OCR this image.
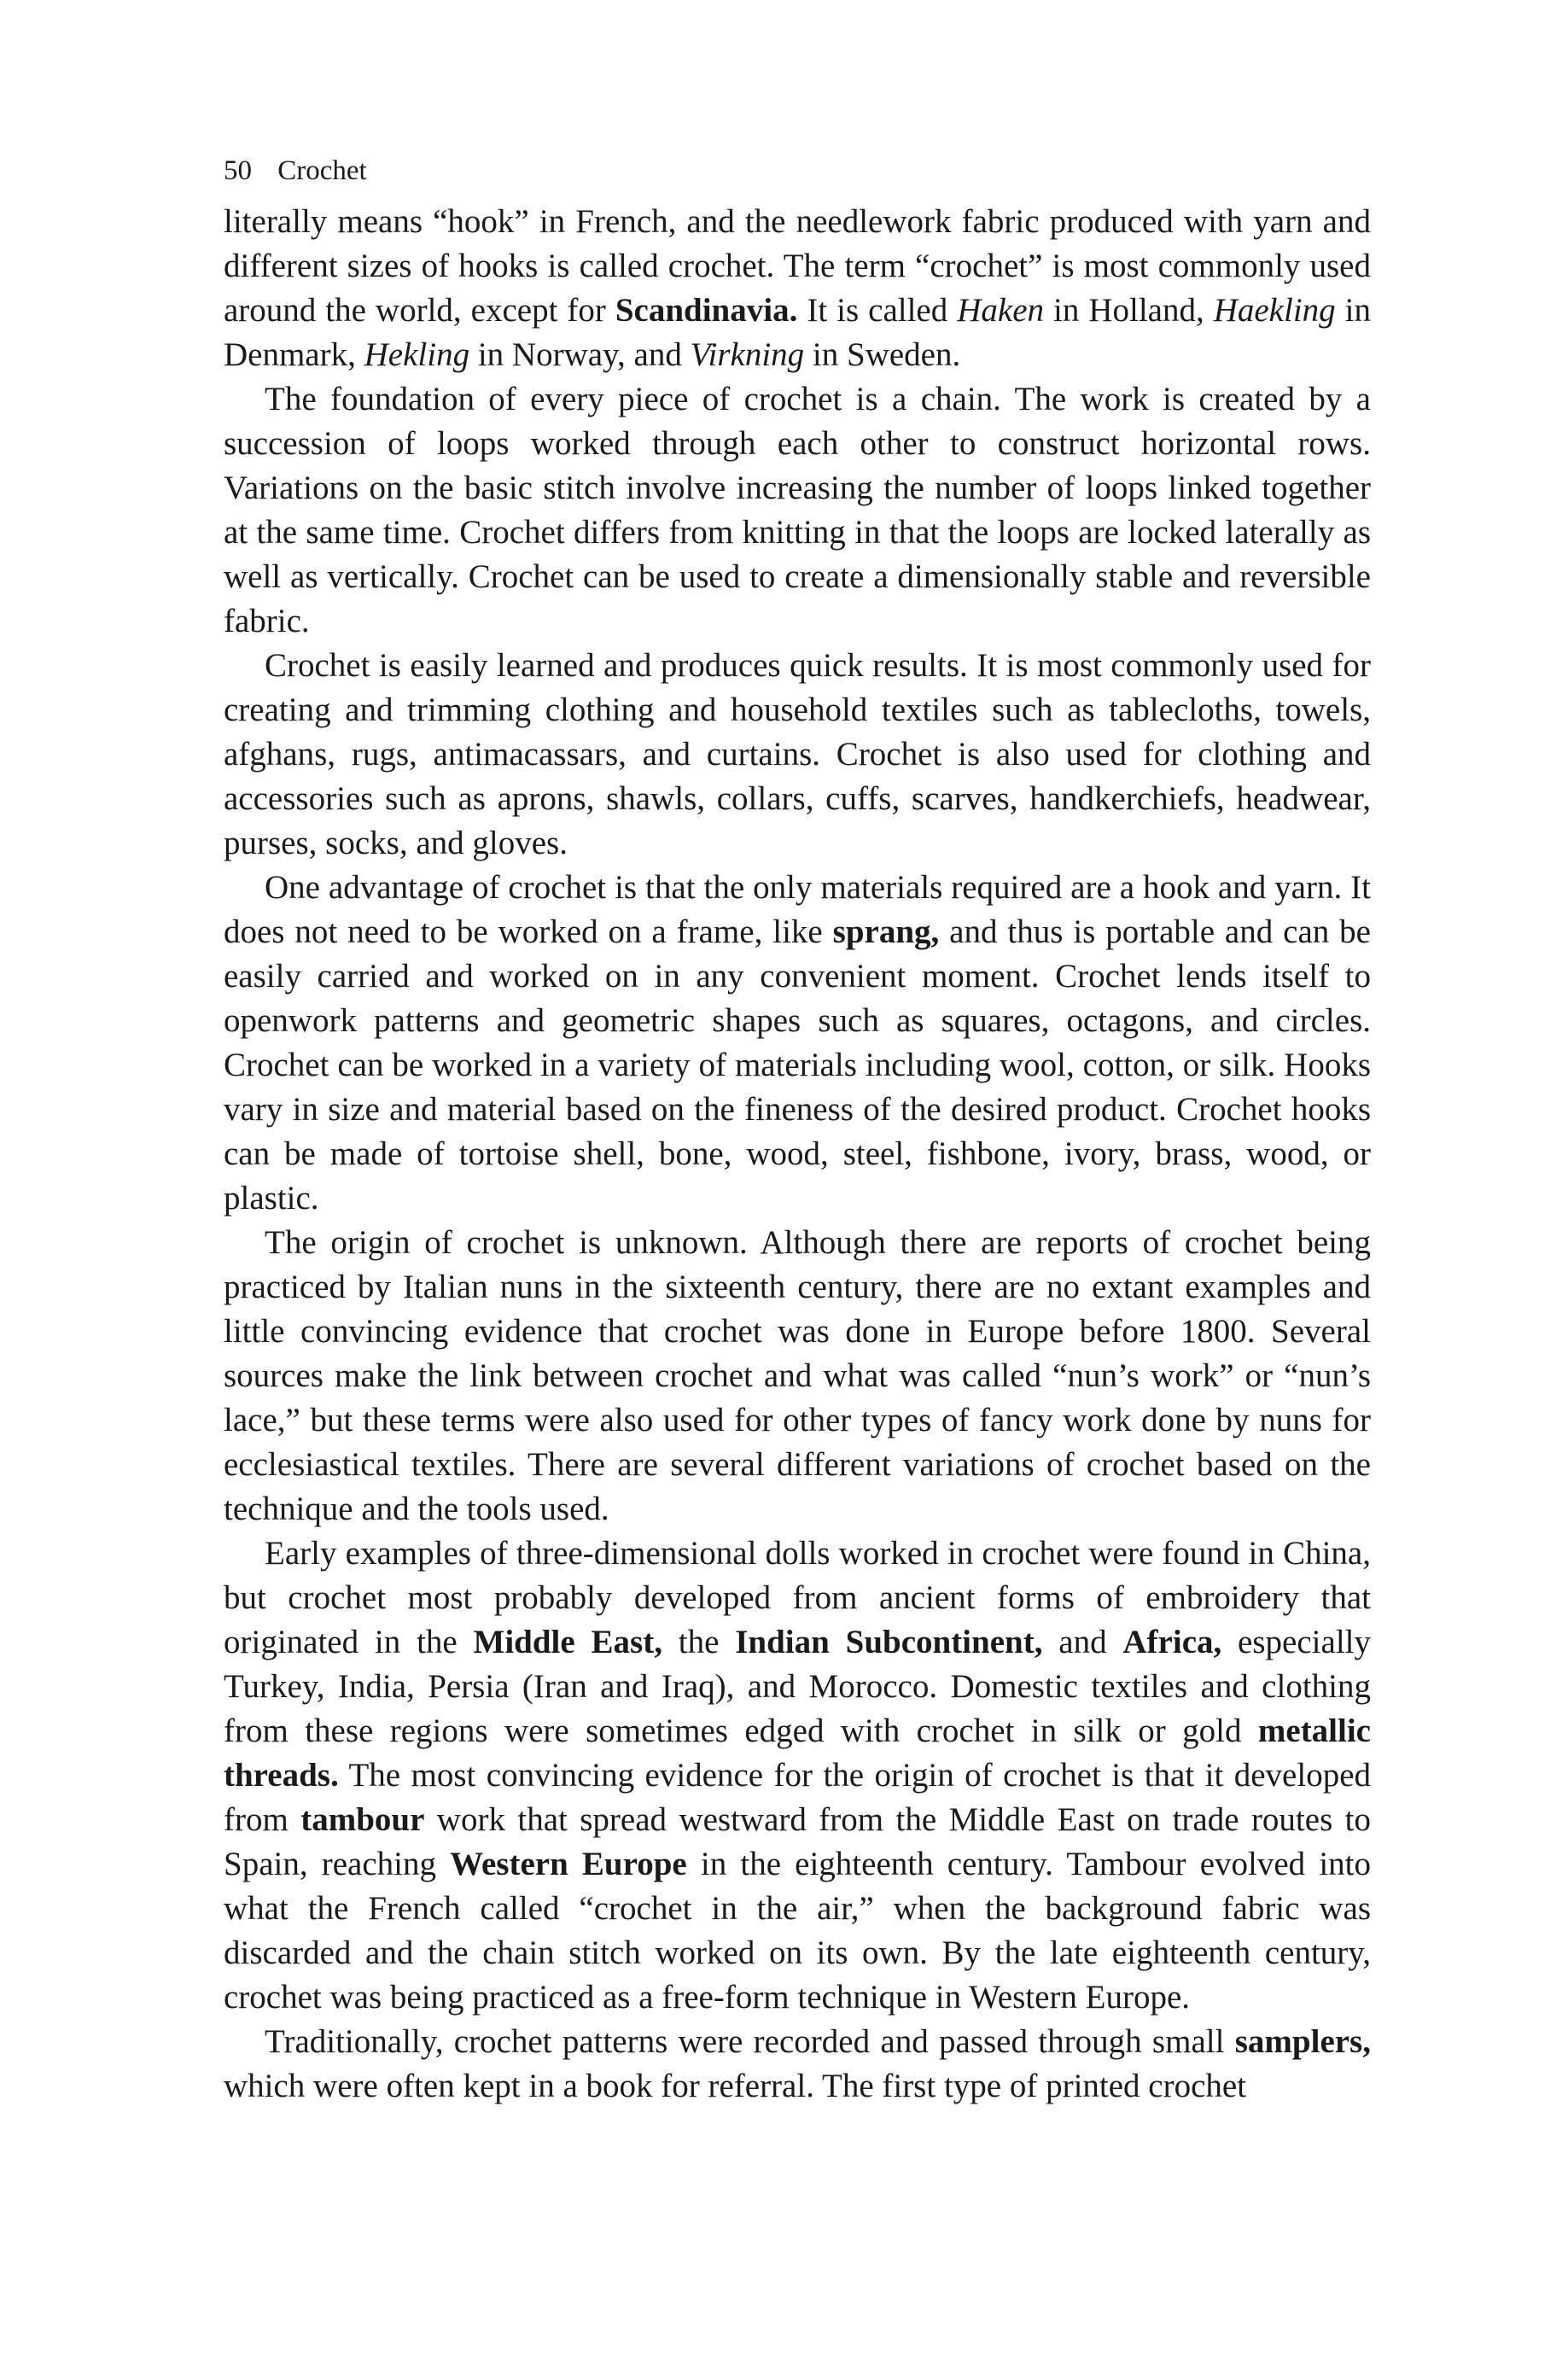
50 Crochet

literally means “hook” in French, and the needlework fabric produced with yarn and different sizes of hooks is called crochet. The term “crochet” is most commonly used around the world, except for Scandinavia. It is called Haken in Holland, Haekling in Denmark, Hekling in Norway, and Virkning in Sweden.

The foundation of every piece of crochet is a chain. The work is created by a succession of loops worked through each other to construct horizontal rows. Variations on the basic stitch involve increasing the number of loops linked together at the same time. Crochet differs from knitting in that the loops are locked laterally as well as vertically. Crochet can be used to create a dimensionally stable and reversible fabric.

Crochet is easily learned and produces quick results. It is most commonly used for creating and trimming clothing and household textiles such as tablecloths, towels, afghans, rugs, antimacassars, and curtains. Crochet is also used for clothing and accessories such as aprons, shawls, collars, cuffs, scarves, handkerchiefs, headwear, purses, socks, and gloves.

One advantage of crochet is that the only materials required are a hook and yarn. It does not need to be worked on a frame, like sprang, and thus is portable and can be easily carried and worked on in any convenient moment. Crochet lends itself to openwork patterns and geometric shapes such as squares, octagons, and circles. Crochet can be worked in a variety of materials including wool, cotton, or silk. Hooks vary in size and material based on the fineness of the desired product. Crochet hooks can be made of tortoise shell, bone, wood, steel, fishbone, ivory, brass, wood, or plastic.

The origin of crochet is unknown. Although there are reports of crochet being practiced by Italian nuns in the sixteenth century, there are no extant examples and little convincing evidence that crochet was done in Europe before 1800. Several sources make the link between crochet and what was called “nun’s work” or “nun’s lace,” but these terms were also used for other types of fancy work done by nuns for ecclesiastical textiles. There are several different variations of crochet based on the technique and the tools used.

Early examples of three-dimensional dolls worked in crochet were found in China, but crochet most probably developed from ancient forms of embroidery that originated in the Middle East, the Indian Subcontinent, and Africa, especially Turkey, India, Persia (Iran and Iraq), and Morocco. Domestic textiles and clothing from these regions were sometimes edged with crochet in silk or gold metallic threads. The most convincing evidence for the origin of crochet is that it developed from tambour work that spread westward from the Middle East on trade routes to Spain, reaching Western Europe in the eighteenth century. Tambour evolved into what the French called “crochet in the air,” when the background fabric was discarded and the chain stitch worked on its own. By the late eighteenth century, crochet was being practiced as a free-form technique in Western Europe.

Traditionally, crochet patterns were recorded and passed through small samplers, which were often kept in a book for referral. The first type of printed crochet
